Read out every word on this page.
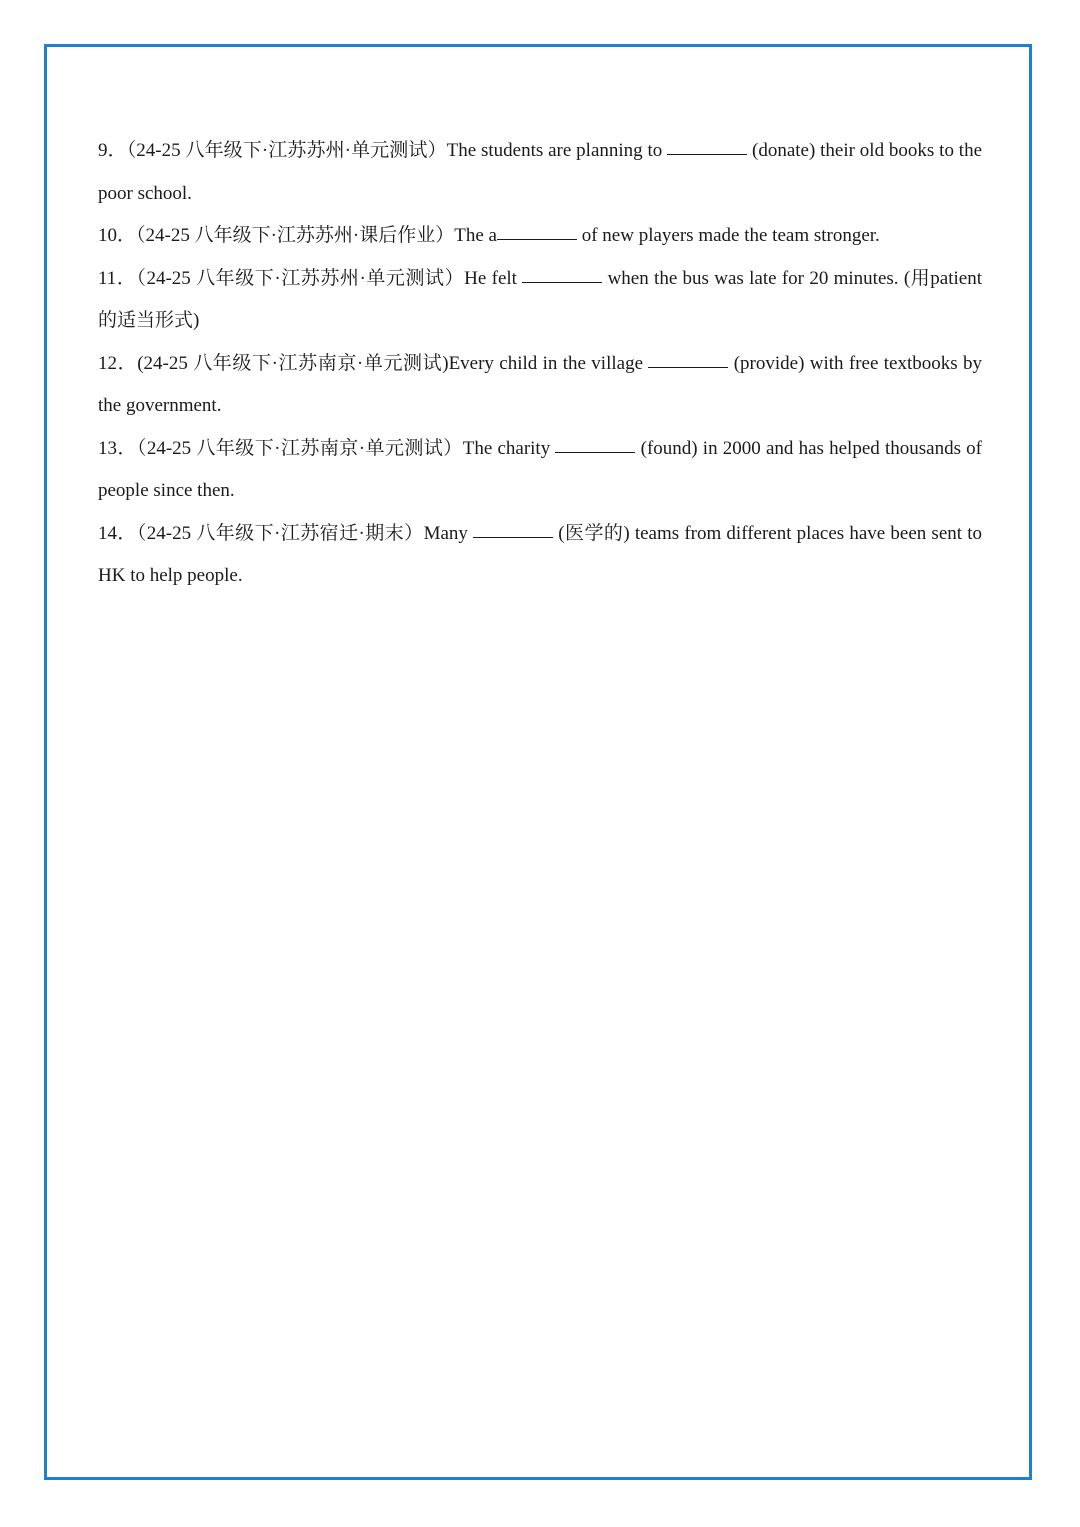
9．（24-25 八年级下·江苏苏州·单元测试）The students are planning to	(donate) their old books to the poor school.

10．（24-25 八年级下·江苏苏州·课后作业）The a	of new players made the team stronger.

11．（24-25 八年级下·江苏苏州·单元测试）He felt	when the bus was late for 20 minutes. (用patient 的适当形式)

12．(24-25 八年级下·江苏南京·单元测试)Every child in the village	(provide) with free textbooks by the government.

13．（24-25 八年级下·江苏南京·单元测试）The charity	(found) in 2000 and has helped thousands of people since then.

14．（24-25 八年级下·江苏宿迁·期末）Many	(医学的) teams from different places have been sent to HK to help people.
